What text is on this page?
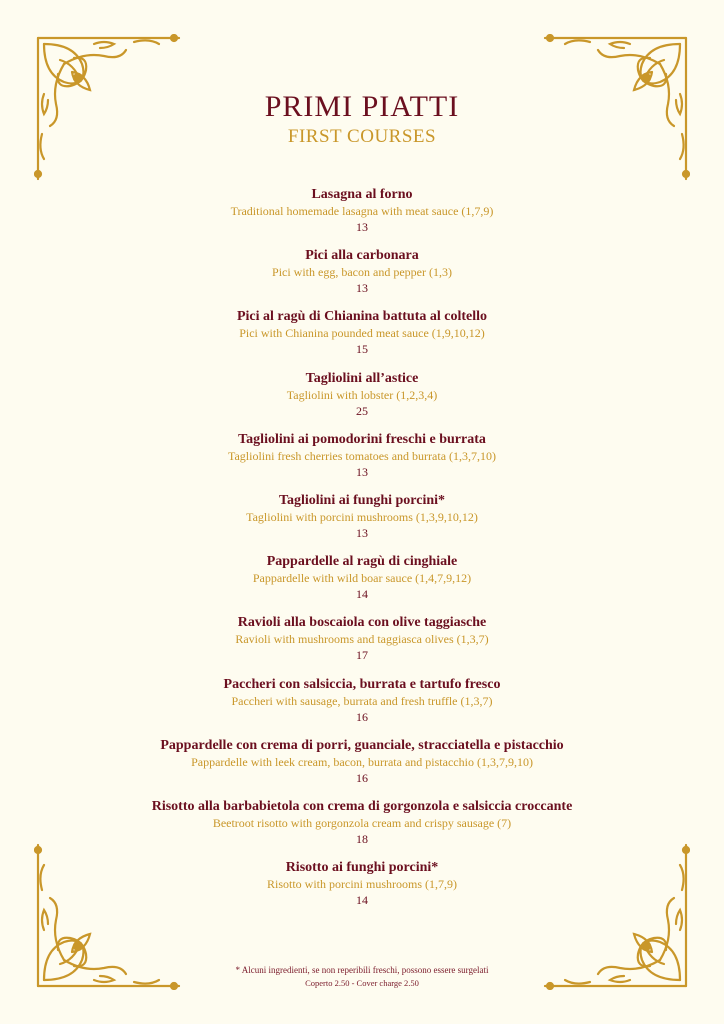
PRIMI PIATTI
FIRST COURSES
Lasagna al forno
Traditional homemade lasagna with meat sauce (1,7,9)
13
Pici alla carbonara
Pici with egg, bacon and pepper (1,3)
13
Pici al ragù di Chianina battuta al coltello
Pici with Chianina pounded meat sauce (1,9,10,12)
15
Tagliolini all’astice
Tagliolini with lobster (1,2,3,4)
25
Tagliolini ai pomodorini freschi e burrata
Tagliolini fresh cherries tomatoes and burrata (1,3,7,10)
13
Tagliolini ai funghi porcini*
Tagliolini with porcini mushrooms (1,3,9,10,12)
13
Pappardelle al ragù di cinghiale
Pappardelle with wild boar sauce (1,4,7,9,12)
14
Ravioli alla boscaiola con olive taggiasche
Ravioli with mushrooms and taggiasca olives (1,3,7)
17
Paccheri con salsiccia, burrata e tartufo fresco
Paccheri with sausage, burrata and fresh truffle (1,3,7)
16
Pappardelle con crema di porri, guanciale, stracciatella e pistacchio
Pappardelle with leek cream, bacon, burrata and pistacchio (1,3,7,9,10)
16
Risotto alla barbabietola con crema di gorgonzola e salsiccia croccante
Beetroot risotto with gorgonzola cream and crispy sausage (7)
18
Risotto ai funghi porcini*
Risotto with porcini mushrooms (1,7,9)
14
* Alcuni ingredienti, se non reperibili freschi, possono essere surgelati
Coperto 2.50 - Cover charge 2.50
